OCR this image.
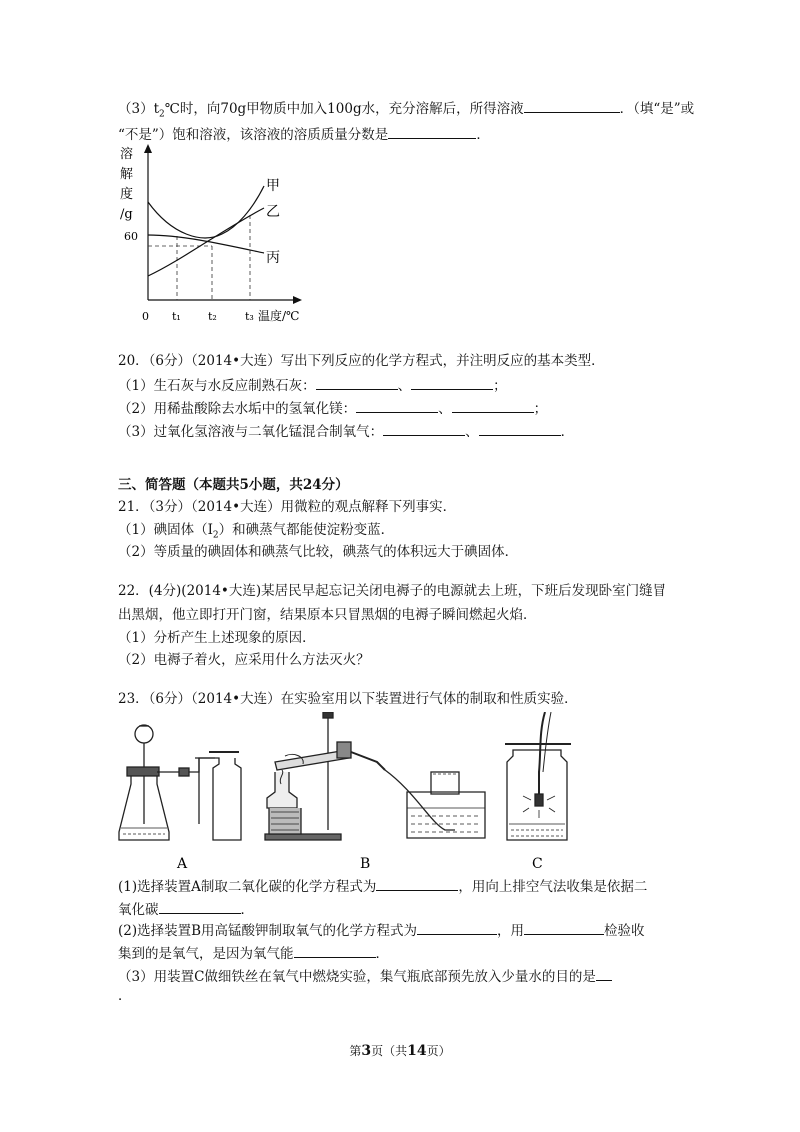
$(3)t_2℃$时，向70g甲物质中加入100g水，充分溶解后，所得溶液	．（填“是”或
“不是”）饱和溶液，该溶液的溶质质量分数是	．
溶
解
度
/g
60
0 t₁ t₂	t₃ 温度/℃
甲
乙
丙
20．（6分）（2014•大连）写出下列反应的化学方程式，并注明反应的基本类型．
（1）生石灰与水反应制熟石灰：	、	；
（2）用稀盐酸除去水垢中的氢氧化镁：	、	；
（3）过氧化氢溶液与二氧化锰混合制氧气：	、	．
三、简答题（本题共5小题，共24分）
21．（3分）（2014•大连）用微粒的观点解释下列事实．
（1）碘固体$(I_2)$和碘蒸气都能使淀粉变蓝．
（2）等质量的碘固体和碘蒸气比较，碘蒸气的体积远大于碘固体．
22．(4分)(2014•大连)某居民早起忘记关闭电褥子的电源就去上班，下班后发现卧室门缝冒
出黑烟，他立即打开门窗，结果原本只冒黑烟的电褥子瞬间燃起火焰．
（1）分析产生上述现象的原因．
（2）电褥子着火，应采用什么方法灭火？
23．（6分）（2014•大连）在实验室用以下装置进行气体的制取和性质实验．
A	B	C
(1)选择装置A制取二氧化碳的化学方程式为	，用向上排空气法收集是依据二
氧化碳	．
(2)选择装置B用高锰酸钾制取氧气的化学方程式为	，用	检验收
集到的是氧气，是因为氧气能	．
（3）用装置C做细铁丝在氧气中燃烧实验，集气瓶底部预先放入少量水的目的是
．
第3页（共14页）
